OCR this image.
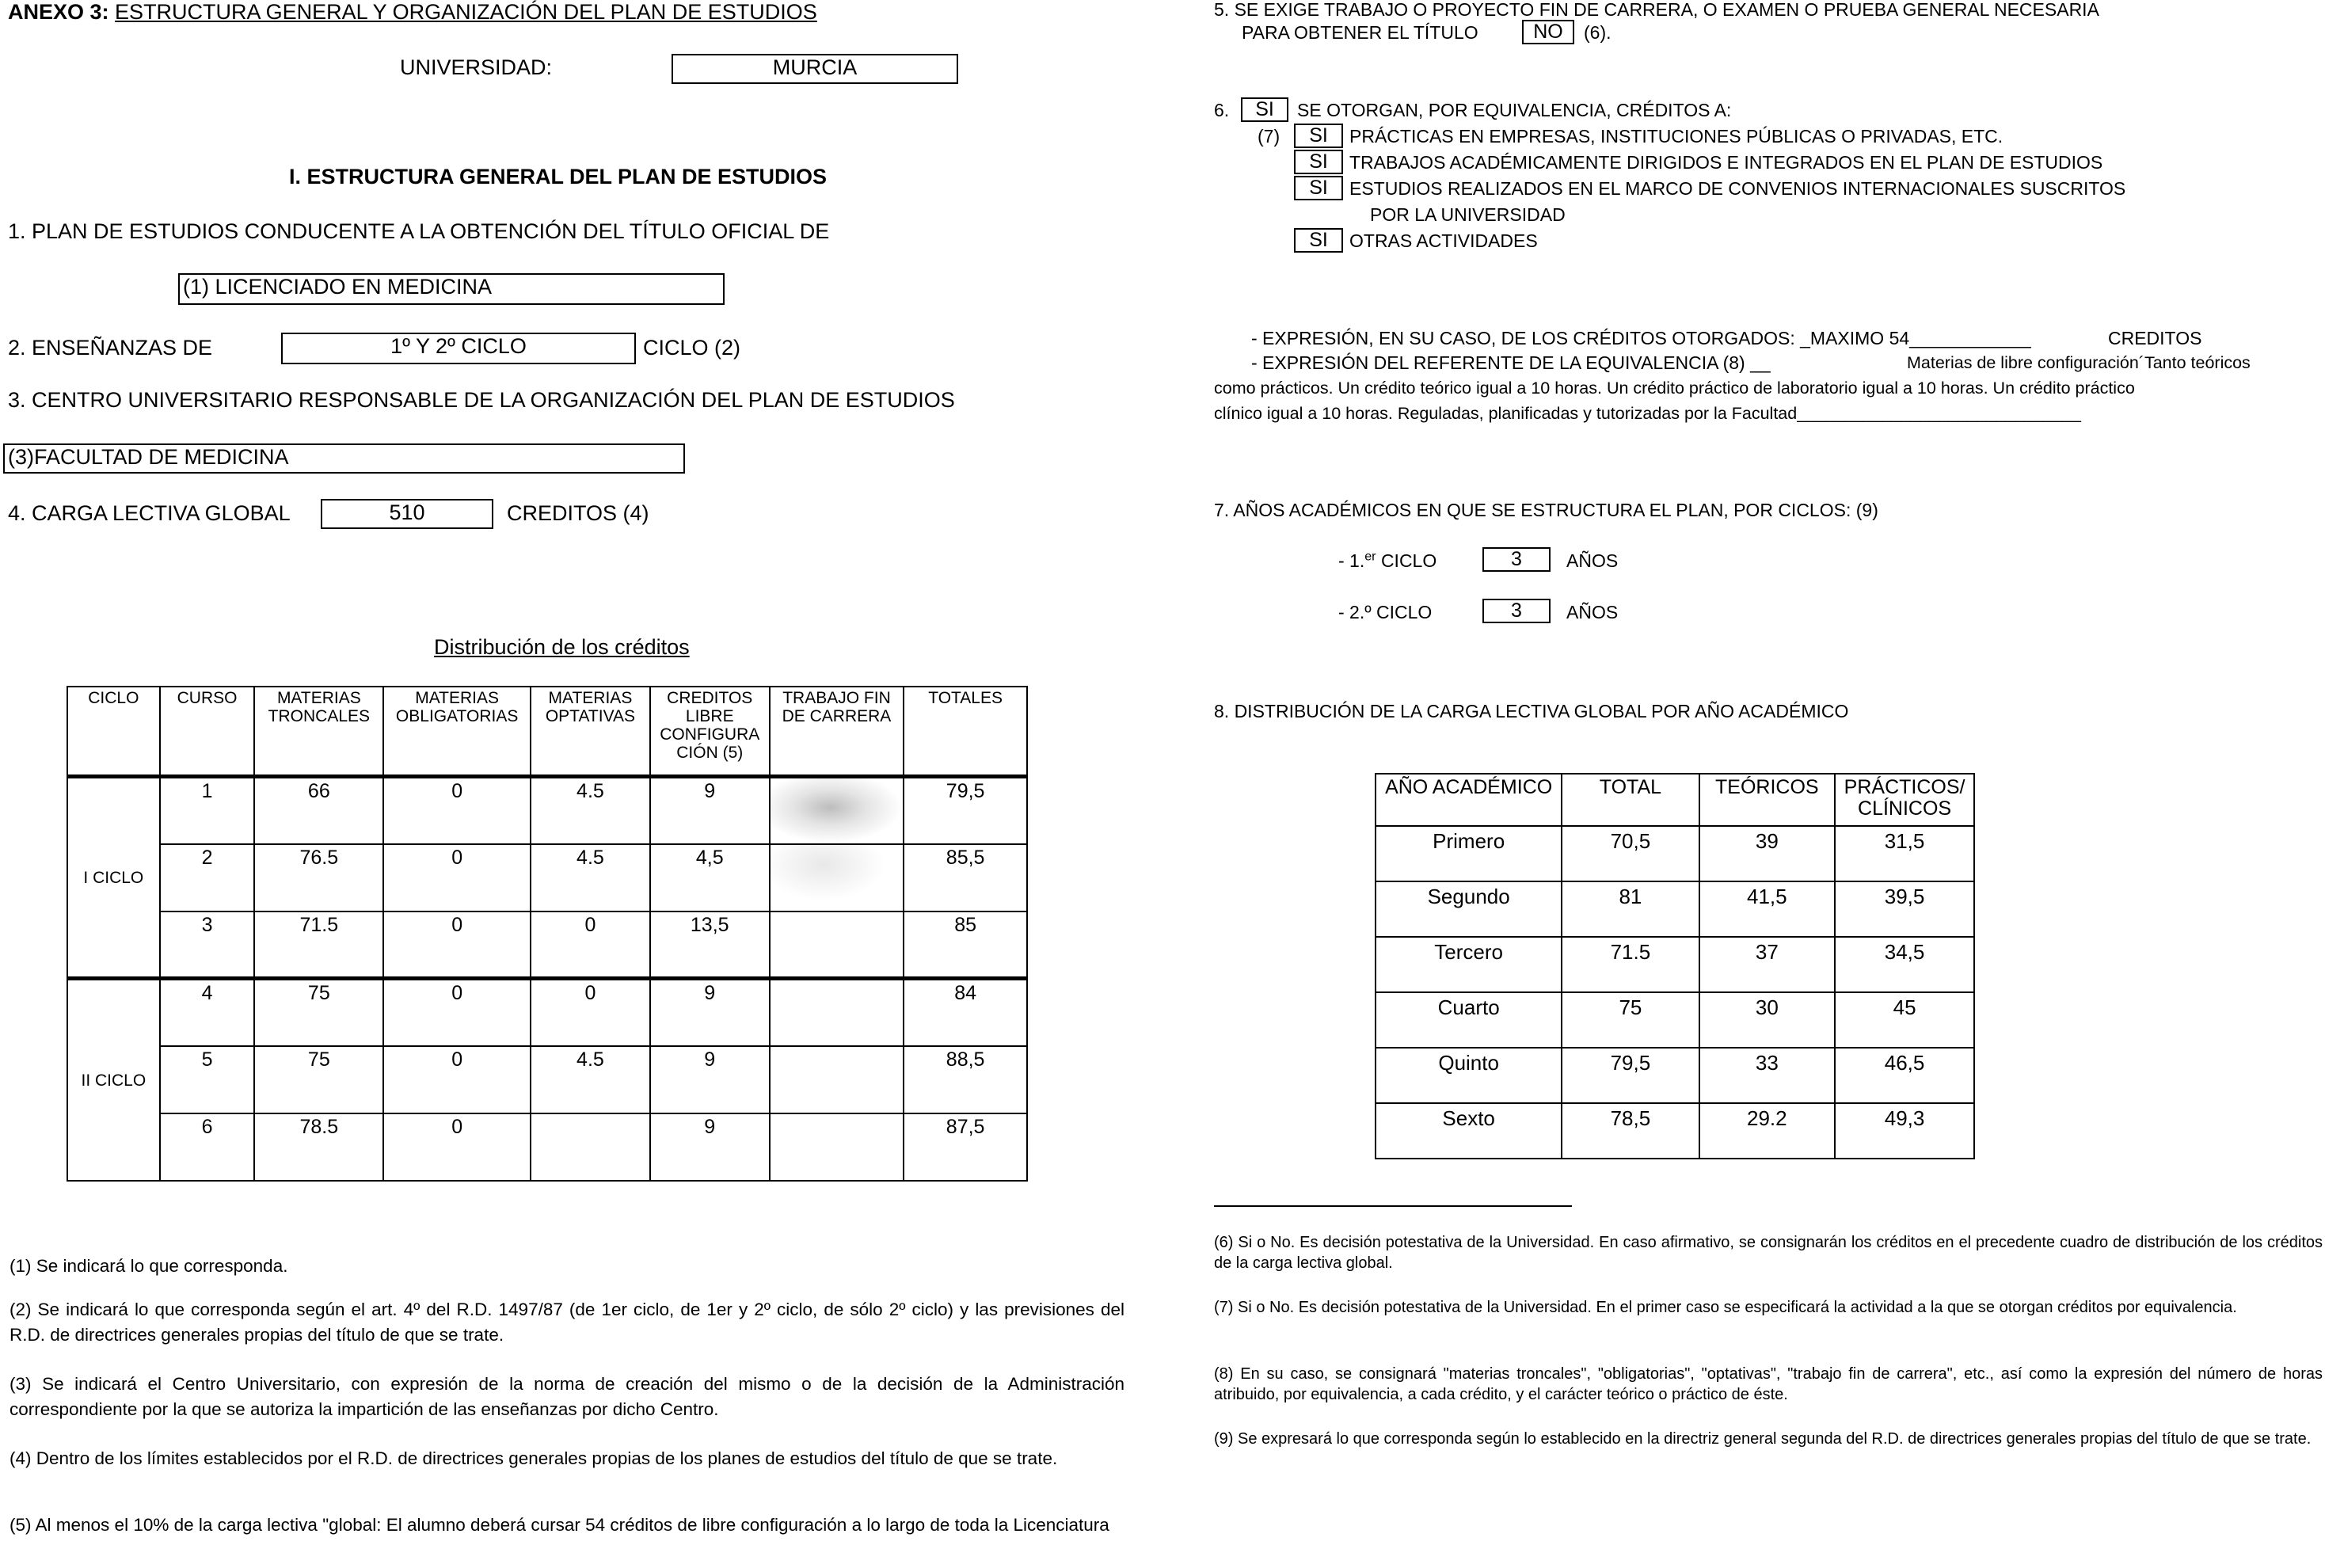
ANEXO 3: ESTRUCTURA GENERAL Y ORGANIZACIÓN DEL PLAN DE ESTUDIOS
UNIVERSIDAD:	MURCIA
I. ESTRUCTURA GENERAL DEL PLAN DE ESTUDIOS
1. PLAN DE ESTUDIOS CONDUCENTE A LA OBTENCIÓN DEL TÍTULO OFICIAL DE
(1) LICENCIADO EN MEDICINA
2. ENSEÑANZAS DE	1º Y 2º CICLO	CICLO (2)
3. CENTRO UNIVERSITARIO RESPONSABLE DE LA ORGANIZACIÓN DEL PLAN DE ESTUDIOS
(3)FACULTAD DE MEDICINA
4. CARGA LECTIVA GLOBAL	510	CREDITOS (4)
Distribución de los créditos
CICLO	CURSO	MATERIAS TRONCALES	MATERIAS OBLIGATORIAS	MATERIAS OPTATIVAS	CREDITOS LIBRE CONFIGURA CIÓN (5)	TRABAJO FIN DE CARRERA	TOTALES
I CICLO	1	66	0	4.5	9		79,5
	2	76.5	0	4.5	4,5		85,5
	3	71.5	0	0	13,5		85
II CICLO	4	75	0	0	9		84
	5	75	0	4.5	9		88,5
	6	78.5	0		9		87,5
(1) Se indicará lo que corresponda.
(2) Se indicará lo que corresponda según el art. 4º del R.D. 1497/87 (de 1er ciclo, de 1er y 2º ciclo, de sólo 2º ciclo) y las previsiones del R.D. de directrices generales propias del título de que se trate.
(3) Se indicará el Centro Universitario, con expresión de la norma de creación del mismo o de la decisión de la Administración correspondiente por la que se autoriza la impartición de las enseñanzas por dicho Centro.
(4) Dentro de los límites establecidos por el R.D. de directrices generales propias de los planes de estudios del título de que se trate.
(5) Al menos el 10% de la carga lectiva "global: El alumno deberá cursar 54 créditos de libre configuración a lo largo de toda la Licenciatura
5. SE EXIGE TRABAJO O PROYECTO FIN DE CARRERA, O EXAMEN O PRUEBA GENERAL NECESARIA
PARA OBTENER EL TÍTULO	NO	(6).
6.	SI	SE OTORGAN, POR EQUIVALENCIA, CRÉDITOS A:
(7)	SI	PRÁCTICAS EN EMPRESAS, INSTITUCIONES PÚBLICAS O PRIVADAS, ETC.
SI	TRABAJOS ACADÉMICAMENTE DIRIGIDOS E INTEGRADOS EN EL PLAN DE ESTUDIOS
SI	ESTUDIOS REALIZADOS EN EL MARCO DE CONVENIOS INTERNACIONALES SUSCRITOS
POR LA UNIVERSIDAD
SI	OTRAS ACTIVIDADES
- EXPRESIÓN, EN SU CASO, DE LOS CRÉDITOS OTORGADOS: _MAXIMO 54____________	CREDITOS
- EXPRESIÓN DEL REFERENTE DE LA EQUIVALENCIA (8) __	Materias de libre configuración´Tanto teóricos
como prácticos. Un crédito teórico igual a 10 horas. Un crédito práctico de laboratorio igual a 10 horas. Un crédito práctico
clínico igual a 10 horas. Reguladas, planificadas y tutorizadas por la Facultad______________________________
7. AÑOS ACADÉMICOS EN QUE SE ESTRUCTURA EL PLAN, POR CICLOS: (9)
- 1.$^{er}$ CICLO	3	AÑOS
- 2.º CICLO	3	AÑOS
8. DISTRIBUCIÓN DE LA CARGA LECTIVA GLOBAL POR AÑO ACADÉMICO
AÑO ACADÉMICO	TOTAL	TEÓRICOS	PRÁCTICOS/ CLÍNICOS
Primero	70,5	39	31,5
Segundo	81	41,5	39,5
Tercero	71.5	37	34,5
Cuarto	75	30	45
Quinto	79,5	33	46,5
Sexto	78,5	29.2	49,3
(6) Si o No. Es decisión potestativa de la Universidad. En caso afirmativo, se consignarán los créditos en el precedente cuadro de distribución de los créditos de la carga lectiva global.
(7) Si o No. Es decisión potestativa de la Universidad. En el primer caso se especificará la actividad a la que se otorgan créditos por equivalencia.
(8) En su caso, se consignará "materias troncales", "obligatorias", "optativas", "trabajo fin de carrera", etc., así como la expresión del número de horas atribuido, por equivalencia, a cada crédito, y el carácter teórico o práctico de éste.
(9) Se expresará lo que corresponda según lo establecido en la directriz general segunda del R.D. de directrices generales propias del título de que se trate.
